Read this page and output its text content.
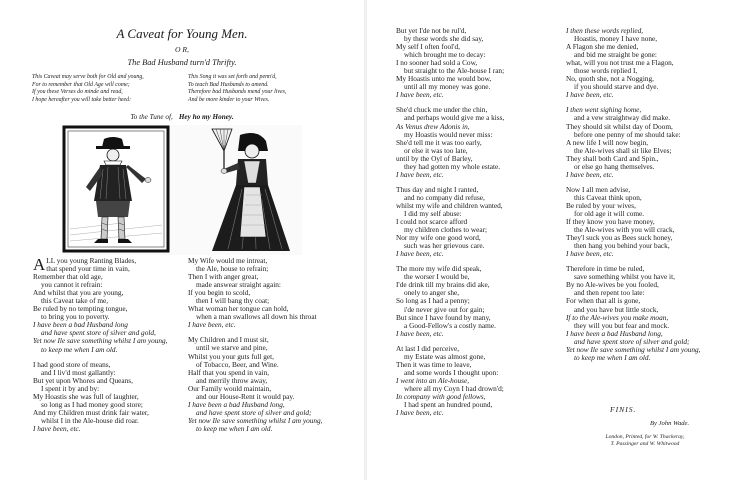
A Caveat for Young Men.
O R,
The Bad Husband turn'd Thrifty.
This Caveat may serve both for Old and young,
For to remember that Old Age will come;
If you these Verses do minde and read,
I hope hereafter you will take better heed:
This Song it was set forth and penn'd,
To teach Bad Husbands to amend.
Therefore bad Husbands mend your lives,
And be more kinder to your Wives.
To the Tune of, Hey ho my Honey.
ALL you young Ranting Blades,
that spend your time in vain,
Remember that old age,
you cannot it refrain:
And whilst that you are young,
this Caveat take of me,
Be ruled by no tempting tongue,
to bring you to poverty.
I have been a bad Husband long
and have spent store of silver and gold,
Yet now Ile save something whilst I am young,
to keep me when I am old.
I had good store of means,
and I liv'd most gallantly:
But yet upon Whores and Queans,
I spent it by and by:
My Hoastis she was full of laughter,
so long as I had money good store;
And my Children must drink fair water,
whilst I in the Ale-house did roar.
I have been, etc.
My Wife would me intreat,
the Ale, house to refrain;
Then I with anger great,
made answear straight again:
If you begin to scold,
then I will bang thy coat;
What woman her tongue can hold,
when a man swallows all down his throat
I have been, etc.
My Children and I must sit,
until we starve and pine,
Whilst you your guts full get,
of Tobacco, Beer, and Wine.
Half that you spend in vain,
and merrily throw away,
Our Family would maintain,
and our House-Rent it would pay.
I have been a bad Husband long,
and have spent store of silver and gold;
Yet now Ile save something whilst I am young,
to keep me when I am old.
But yet I'de not be rul'd,
by these words she did say,
My self I often fool'd,
which brought me to decay:
I no sooner had sold a Cow,
but straight to the Ale-house I ran;
My Hoastis unto me would bow,
until all my money was gone.
I have been, etc.
She'd chuck me under the chin,
and perhaps would give me a kiss,
As Venus drew Adonis in,
my Hoastis would never miss:
She'd tell me it was too early,
or else it was too late,
until by the Oyl of Barley,
they had gotten my whole estate.
I have been, etc.
Thus day and night I ranted,
and no company did refuse,
whilst my wife and children wanted,
I did my self abuse:
I could not scarce afford
my children clothes to wear;
Nor my wife one good word,
such was her grievous care.
I have been, etc.
The more my wife did speak,
the worser I would be,
I'de drink till my brains did ake,
onely to anger she,
So long as I had a penny;
i'de never give out for gain;
But since I have found by many,
a Good-Fellow's a costly name.
I have been, etc.
At last I did perceive,
my Estate was almost gone,
Then it was time to leave,
and some words I thought upon:
I went into an Ale-house,
where all my Coyn I had drown'd;
In company with good fellows,
I had spent an hundred pound,
I have been, etc.
I then these words replied,
Hoastis, money I have none,
A Flagon she me denied,
and bid me straight be gone:
what, will you not trust me a Flagon,
those words replied I,
No, quoth she, not a Nogging,
if you should starve and dye.
I have been, etc.
I then went sighing home,
and a vew straightway did make.
They should sit whilst day of Doom,
before one penny of me should take:
A new life I will now begin,
the Ale-wives shall sit like Elves;
They shall both Card and Spin.,
or else go hang themselves.
I have been, etc.
Now I all men advise,
this Caveat think upon,
Be ruled by your wives,
for old age it will come.
If they know you have money,
the Ale-wives with you will crack,
They'l suck you as Bees suck honey,
then hang you behind your back,
I have been, etc.
Therefore in time be ruled,
save something whilst you have it,
By no Ale-wives be you fooled,
and then repent too late:
For when that all is gone,
and you have but little stock,
If to the Ale-wives you make moan,
they will you but fear and mock.
I have been a bad Husband long,
and have spent store of silver and gold;
Yet now Ile save something whilst I am young,
to keep me when I am old.
FINIS.
By John Wade.
London, Printed, for W. Thackeray,
T. Passinger and W. Whitwood
